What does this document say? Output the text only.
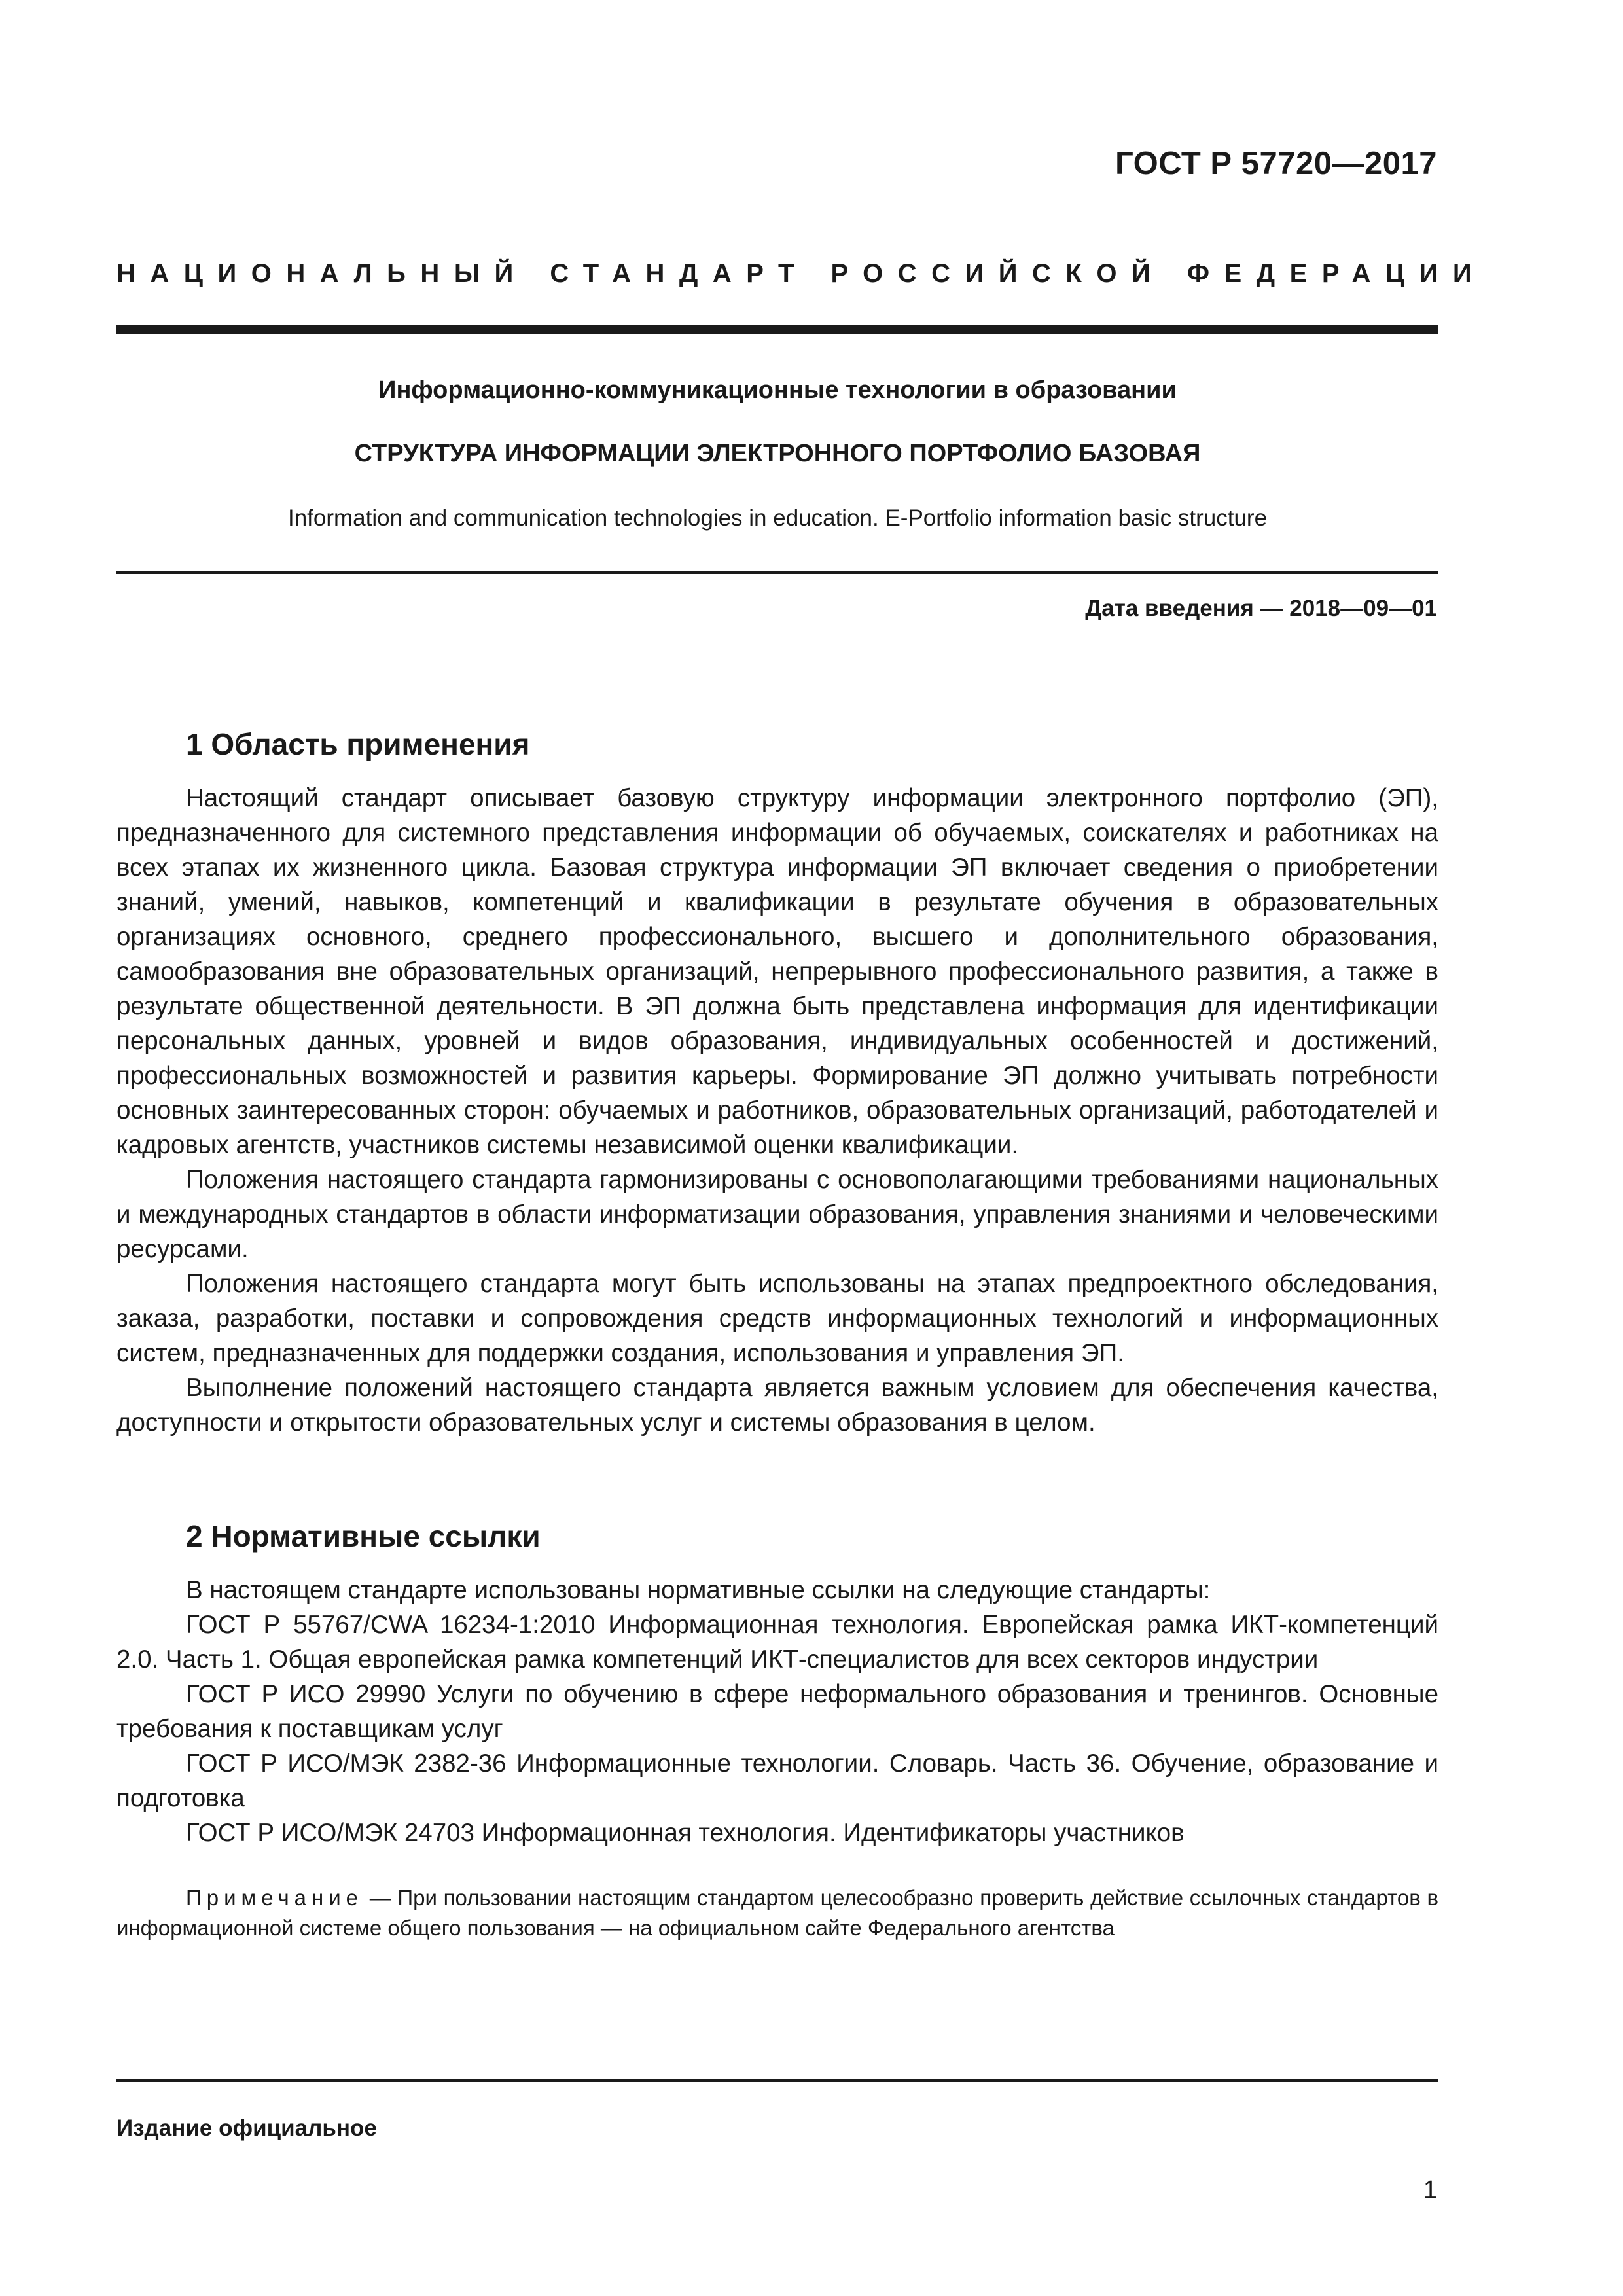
ГОСТ Р 57720—2017
НАЦИОНАЛЬНЫЙ СТАНДАРТ РОССИЙСКОЙ ФЕДЕРАЦИИ
Информационно-коммуникационные технологии в образовании
СТРУКТУРА ИНФОРМАЦИИ ЭЛЕКТРОННОГО ПОРТФОЛИО БАЗОВАЯ
Information and communication technologies in education. E-Portfolio information basic structure
Дата введения — 2018—09—01
1 Область применения

Настоящий стандарт описывает базовую структуру информации электронного портфолио (ЭП), предназначенного для системного представления информации об обучаемых, соискателях и работниках на всех этапах их жизненного цикла. Базовая структура информации ЭП включает сведения о приобретении знаний, умений, навыков, компетенций и квалификации в результате обучения в образовательных организациях основного, среднего профессионального, высшего и дополнительного образования, самообразования вне образовательных организаций, непрерывного профессионального развития, а также в результате общественной деятельности. В ЭП должна быть представлена информация для идентификации персональных данных, уровней и видов образования, индивидуальных особенностей и достижений, профессиональных возможностей и развития карьеры. Формирование ЭП должно учитывать потребности основных заинтересованных сторон: обучаемых и работников, образовательных организаций, работодателей и кадровых агентств, участников системы независимой оценки квалификации.

Положения настоящего стандарта гармонизированы с основополагающими требованиями национальных и международных стандартов в области информатизации образования, управления знаниями и человеческими ресурсами.

Положения настоящего стандарта могут быть использованы на этапах предпроектного обследования, заказа, разработки, поставки и сопровождения средств информационных технологий и информационных систем, предназначенных для поддержки создания, использования и управления ЭП.

Выполнение положений настоящего стандарта является важным условием для обеспечения качества, доступности и открытости образовательных услуг и системы образования в целом.

2 Нормативные ссылки

В настоящем стандарте использованы нормативные ссылки на следующие стандарты:

ГОСТ Р 55767/CWA 16234-1:2010 Информационная технология. Европейская рамка ИКТ-компетенций 2.0. Часть 1. Общая европейская рамка компетенций ИКТ-специалистов для всех секторов индустрии

ГОСТ Р ИСО 29990 Услуги по обучению в сфере неформального образования и тренингов. Основные требования к поставщикам услуг

ГОСТ Р ИСО/МЭК 2382-36 Информационные технологии. Словарь. Часть 36. Обучение, образование и подготовка

ГОСТ Р ИСО/МЭК 24703 Информационная технология. Идентификаторы участников

Примечание — При пользовании настоящим стандартом целесообразно проверить действие ссылочных стандартов в информационной системе общего пользования — на официальном сайте Федерального агентства
Издание официальное
1
